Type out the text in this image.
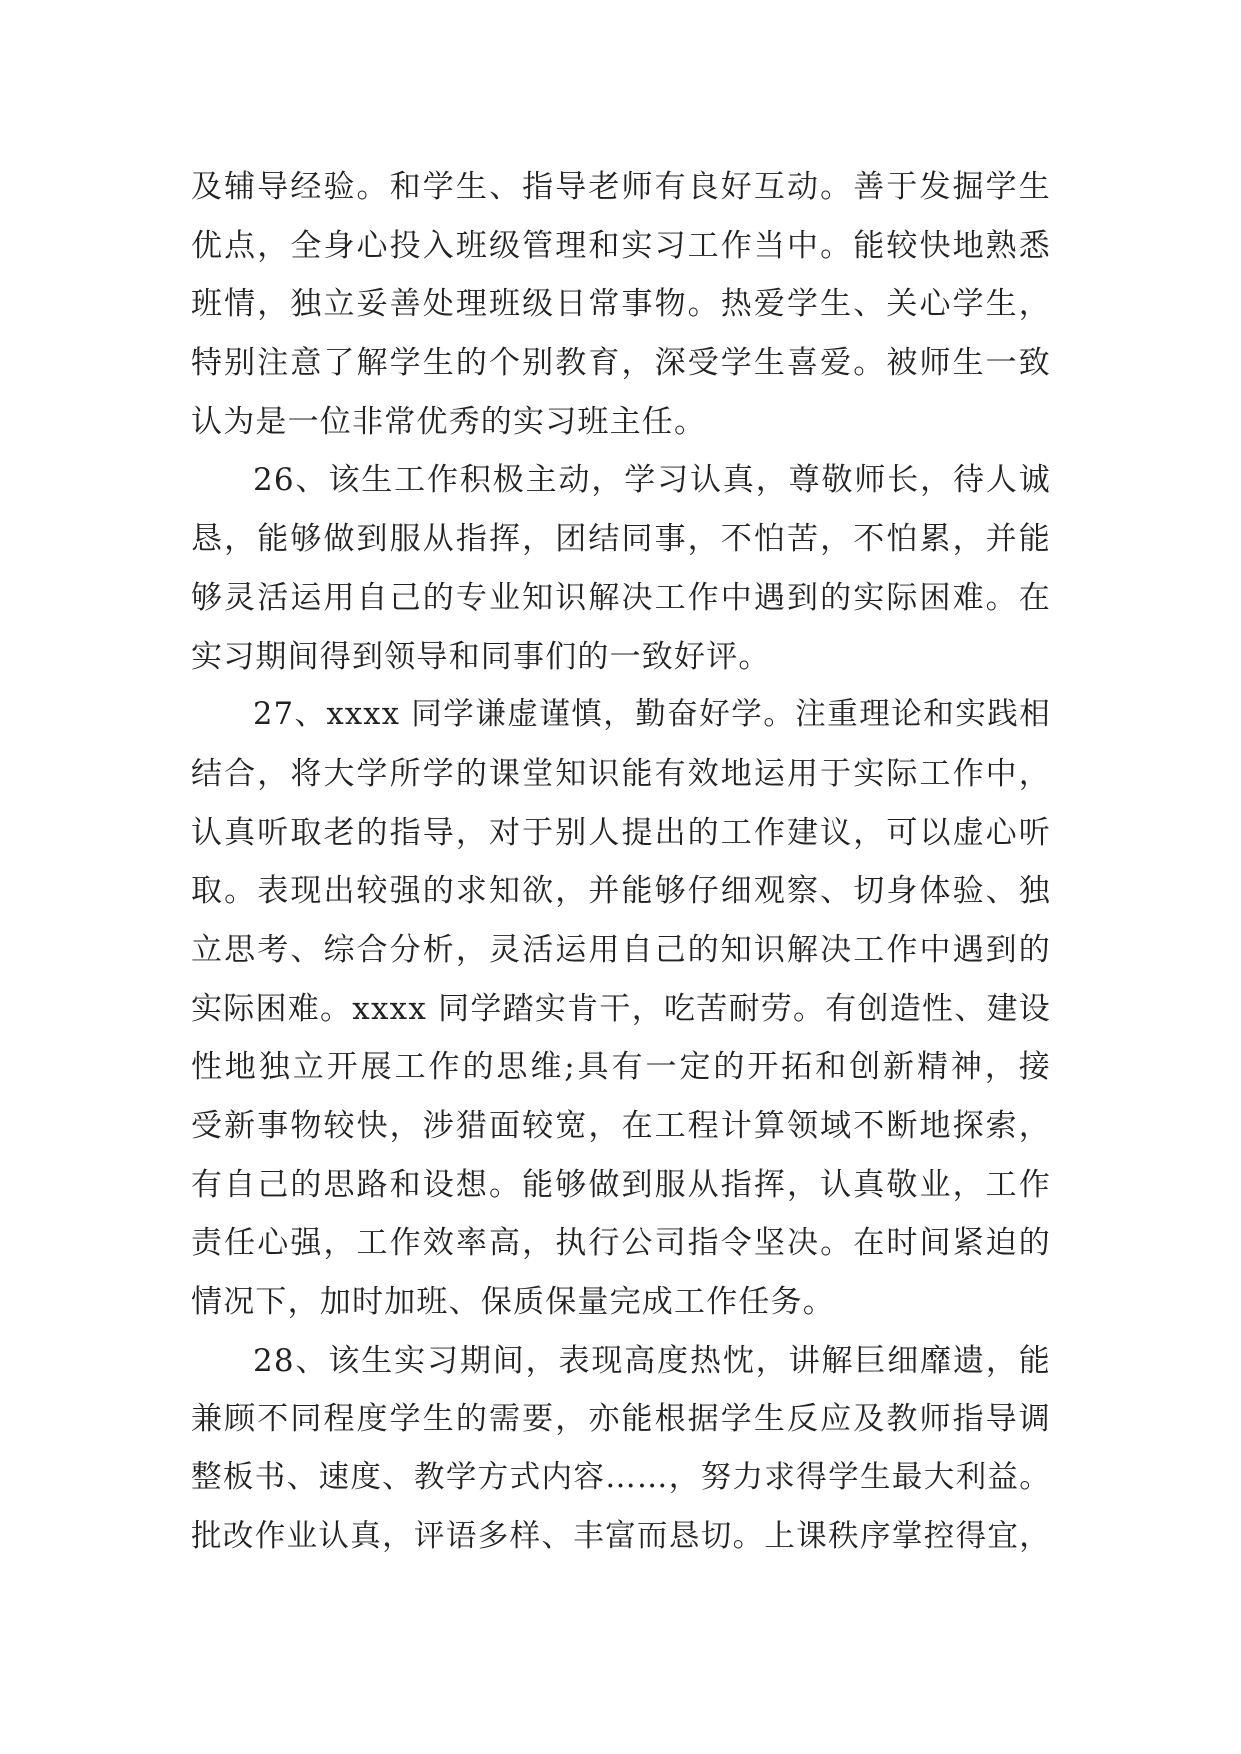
及辅导经验。和学生、指导老师有良好互动。善于发掘学生
优点，全身心投入班级管理和实习工作当中。能较快地熟悉
班情，独立妥善处理班级日常事物。热爱学生、关心学生，
特别注意了解学生的个别教育，深受学生喜爱。被师生一致
认为是一位非常优秀的实习班主任。
26、该生工作积极主动，学习认真，尊敬师长，待人诚
恳，能够做到服从指挥，团结同事，不怕苦，不怕累，并能
够灵活运用自己的专业知识解决工作中遇到的实际困难。在
实习期间得到领导和同事们的一致好评。
27、xxxx 同学谦虚谨慎，勤奋好学。注重理论和实践相
结合，将大学所学的课堂知识能有效地运用于实际工作中，
认真听取老的指导，对于别人提出的工作建议，可以虚心听
取。表现出较强的求知欲，并能够仔细观察、切身体验、独
立思考、综合分析，灵活运用自己的知识解决工作中遇到的
实际困难。xxxx 同学踏实肯干，吃苦耐劳。有创造性、建设
性地独立开展工作的思维;具有一定的开拓和创新精神，接
受新事物较快，涉猎面较宽，在工程计算领域不断地探索，
有自己的思路和设想。能够做到服从指挥，认真敬业，工作
责任心强，工作效率高，执行公司指令坚决。在时间紧迫的
情况下，加时加班、保质保量完成工作任务。
28、该生实习期间，表现高度热忱，讲解巨细靡遗，能
兼顾不同程度学生的需要，亦能根据学生反应及教师指导调
整板书、速度、教学方式内容……，努力求得学生最大利益。
批改作业认真，评语多样、丰富而恳切。上课秩序掌控得宜，
